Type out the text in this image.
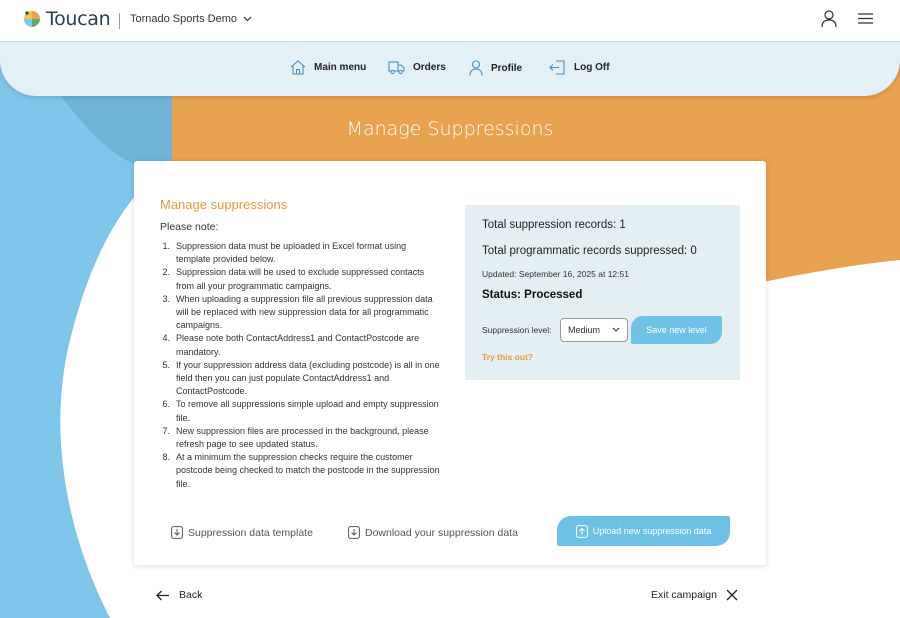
Toucan Tornado Sports Demo
Main menu	Orders	Profile	Log Off
Manage Suppressions
Manage suppressions
Please note:
1. Suppression data must be uploaded in Excel format using template provided below.
2. Suppression data will be used to exclude suppressed contacts from all your programmatic campaigns.
3. When uploading a suppression file all previous suppression data will be replaced with new suppression data for all programmatic campaigns.
4. Please note both ContactAddress1 and ContactPostcode are mandatory.
5. If your suppression address data (excluding postcode) is all in one field then you can just populate ContactAddress1 and ContactPostcode.
6. To remove all suppressions simple upload and empty suppression file.
7. New suppression files are processed in the background, please refresh page to see updated status.
8. At a minimum the suppression checks require the customer postcode being checked to match the postcode in the suppression file.
Total suppression records: 1
Total programmatic records suppressed: 0
Updated: September 16, 2025 at 12:51
Status: Processed
Suppression level: Medium	Save new level
Try this out?
Suppression data template	Download your suppression data	Upload new suppression data
Back	Exit campaign
